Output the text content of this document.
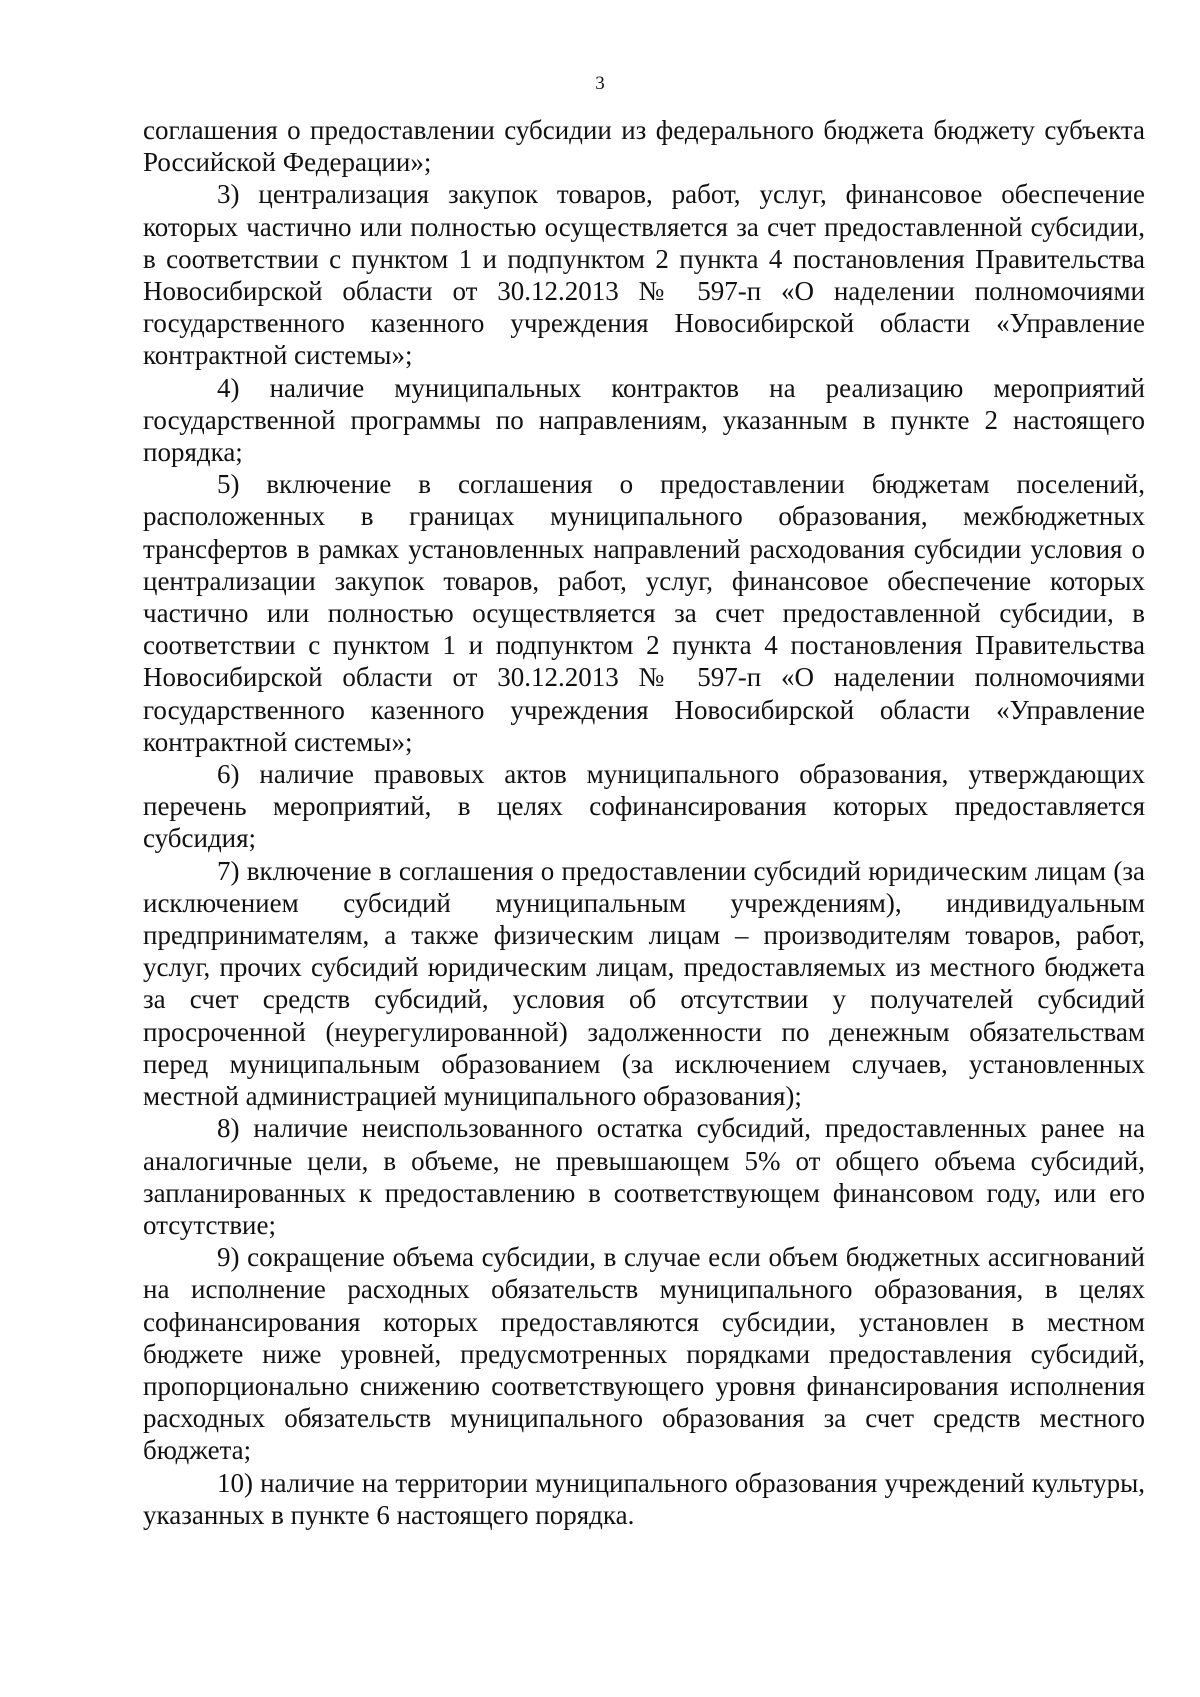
3

соглашения о предоставлении субсидии из федерального бюджета бюджету субъекта Российской Федерации»;

3) централизация закупок товаров, работ, услуг, финансовое обеспечение которых частично или полностью осуществляется за счет предоставленной субсидии, в соответствии с пунктом 1 и подпунктом 2 пункта 4 постановления Правительства Новосибирской области от 30.12.2013 № 597-п «О наделении полномочиями государственного казенного учреждения Новосибирской области «Управление контрактной системы»;

4) наличие муниципальных контрактов на реализацию мероприятий государственной программы по направлениям, указанным в пункте 2 настоящего порядка;

5) включение в соглашения о предоставлении бюджетам поселений, расположенных в границах муниципального образования, межбюджетных трансфертов в рамках установленных направлений расходования субсидии условия о централизации закупок товаров, работ, услуг, финансовое обеспечение которых частично или полностью осуществляется за счет предоставленной субсидии, в соответствии с пунктом 1 и подпунктом 2 пункта 4 постановления Правительства Новосибирской области от 30.12.2013 № 597-п «О наделении полномочиями государственного казенного учреждения Новосибирской области «Управление контрактной системы»;

6) наличие правовых актов муниципального образования, утверждающих перечень мероприятий, в целях софинансирования которых предоставляется субсидия;

7) включение в соглашения о предоставлении субсидий юридическим лицам (за исключением субсидий муниципальным учреждениям), индивидуальным предпринимателям, а также физическим лицам – производителям товаров, работ, услуг, прочих субсидий юридическим лицам, предоставляемых из местного бюджета за счет средств субсидий, условия об отсутствии у получателей субсидий просроченной (неурегулированной) задолженности по денежным обязательствам перед муниципальным образованием (за исключением случаев, установленных местной администрацией муниципального образования);

8) наличие неиспользованного остатка субсидий, предоставленных ранее на аналогичные цели, в объеме, не превышающем 5% от общего объема субсидий, запланированных к предоставлению в соответствующем финансовом году, или его отсутствие;

9) сокращение объема субсидии, в случае если объем бюджетных ассигнований на исполнение расходных обязательств муниципального образования, в целях софинансирования которых предоставляются субсидии, установлен в местном бюджете ниже уровней, предусмотренных порядками предоставления субсидий, пропорционально снижению соответствующего уровня финансирования исполнения расходных обязательств муниципального образования за счет средств местного бюджета;

10) наличие на территории муниципального образования учреждений культуры, указанных в пункте 6 настоящего порядка.
